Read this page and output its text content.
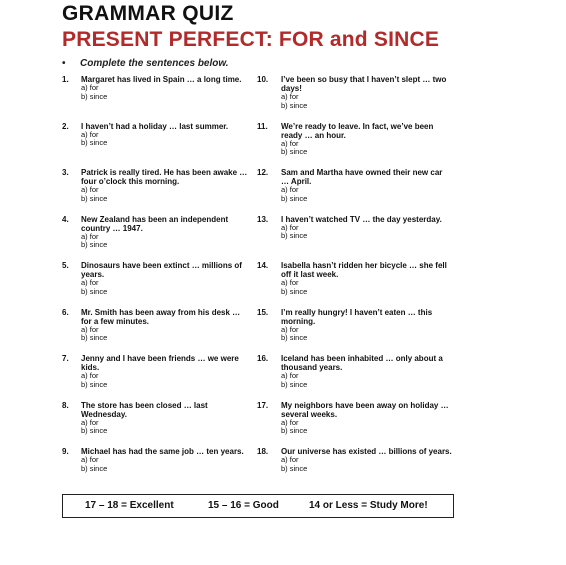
GRAMMAR QUIZ
PRESENT PERFECT: FOR and SINCE
• Complete the sentences below.
1.	Margaret has lived in Spain … a long time.
a) for
b) since
2.	I haven’t had a holiday … last summer.
a) for
b) since
3.	Patrick is really tired. He has been awake … four o’clock this morning.
a) for
b) since
4.	New Zealand has been an independent country … 1947.
a) for
b) since
5.	Dinosaurs have been extinct … millions of years.
a) for
b) since
6.	Mr. Smith has been away from his desk … for a few minutes.
a) for
b) since
7.	Jenny and I have been friends … we were kids.
a) for
b) since
8.	The store has been closed … last Wednesday.
a) for
b) since
9.	Michael has had the same job … ten years.
a) for
b) since
10.	I’ve been so busy that I haven’t slept … two days!
a) for
b) since
11.	We’re ready to leave. In fact, we’ve been ready … an hour.
a) for
b) since
12.	Sam and Martha have owned their new car … April.
a) for
b) since
13.	I haven’t watched TV … the day yesterday.
a) for
b) since
14.	Isabella hasn’t ridden her bicycle … she fell off it last week.
a) for
b) since
15.	I’m really hungry! I haven’t eaten … this morning.
a) for
b) since
16.	Iceland has been inhabited … only about a thousand years.
a) for
b) since
17.	My neighbors have been away on holiday … several weeks.
a) for
b) since
18.	Our universe has existed … billions of years.
a) for
b) since
17 – 18 = Excellent	15 – 16 = Good	14 or Less = Study More!
